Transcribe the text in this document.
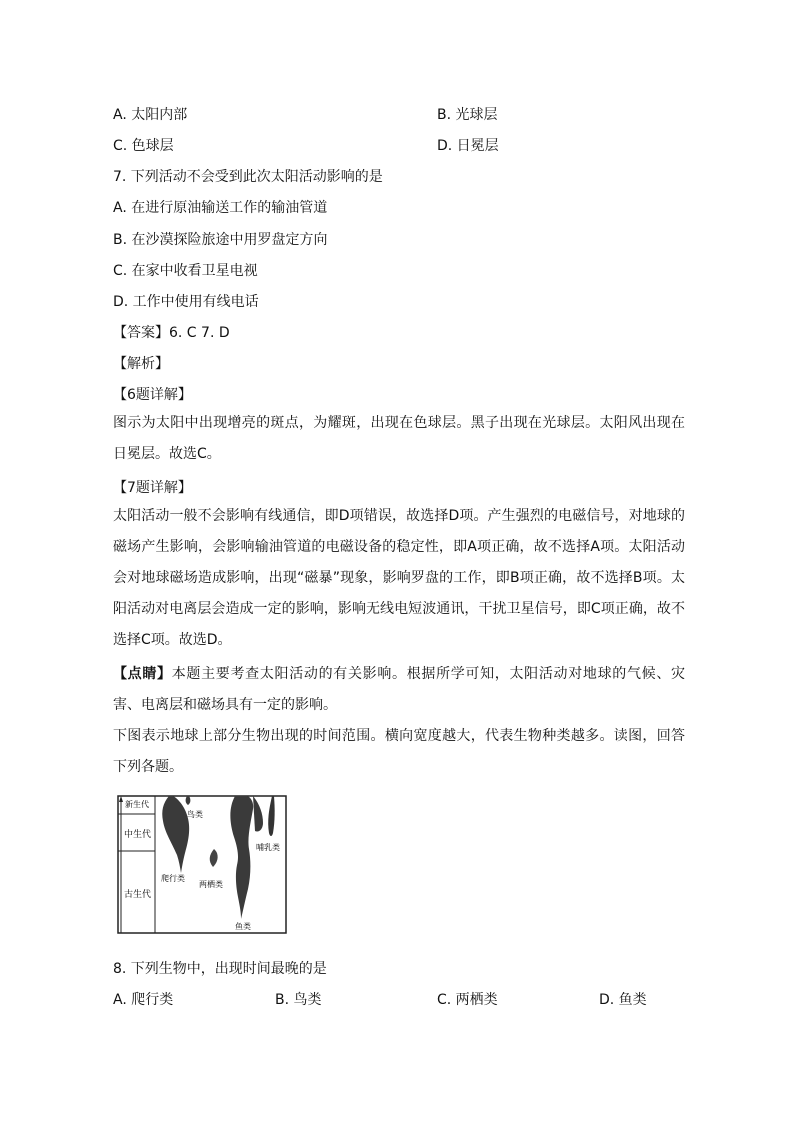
A. 太阳内部	B. 光球层
C. 色球层	D. 日冕层
7. 下列活动不会受到此次太阳活动影响的是
A. 在进行原油输送工作的输油管道
B. 在沙漠探险旅途中用罗盘定方向
C. 在家中收看卫星电视
D. 工作中使用有线电话
【答案】6. C 7. D
【解析】
【6题详解】
图示为太阳中出现增亮的斑点，为耀斑，出现在色球层。黑子出现在光球层。太阳风出现在日冕层。故选C。
【7题详解】
太阳活动一般不会影响有线通信，即D项错误，故选择D项。产生强烈的电磁信号，对地球的磁场产生影响，会影响输油管道的电磁设备的稳定性，即A项正确，故不选择A项。太阳活动会对地球磁场造成影响，出现“磁暴”现象，影响罗盘的工作，即B项正确，故不选择B项。太阳活动对电离层会造成一定的影响，影响无线电短波通讯，干扰卫星信号，即C项正确，故不选择C项。故选D。
【点睛】本题主要考查太阳活动的有关影响。根据所学可知，太阳活动对地球的气候、灾害、电离层和磁场具有一定的影响。
下图表示地球上部分生物出现的时间范围。横向宽度越大，代表生物种类越多。读图，回答下列各题。
新生代
中生代
古生代
鸟类
哺乳类
爬行类
两栖类
鱼类
8. 下列生物中，出现时间最晚的是
A. 爬行类	B. 鸟类	C. 两栖类	D. 鱼类
